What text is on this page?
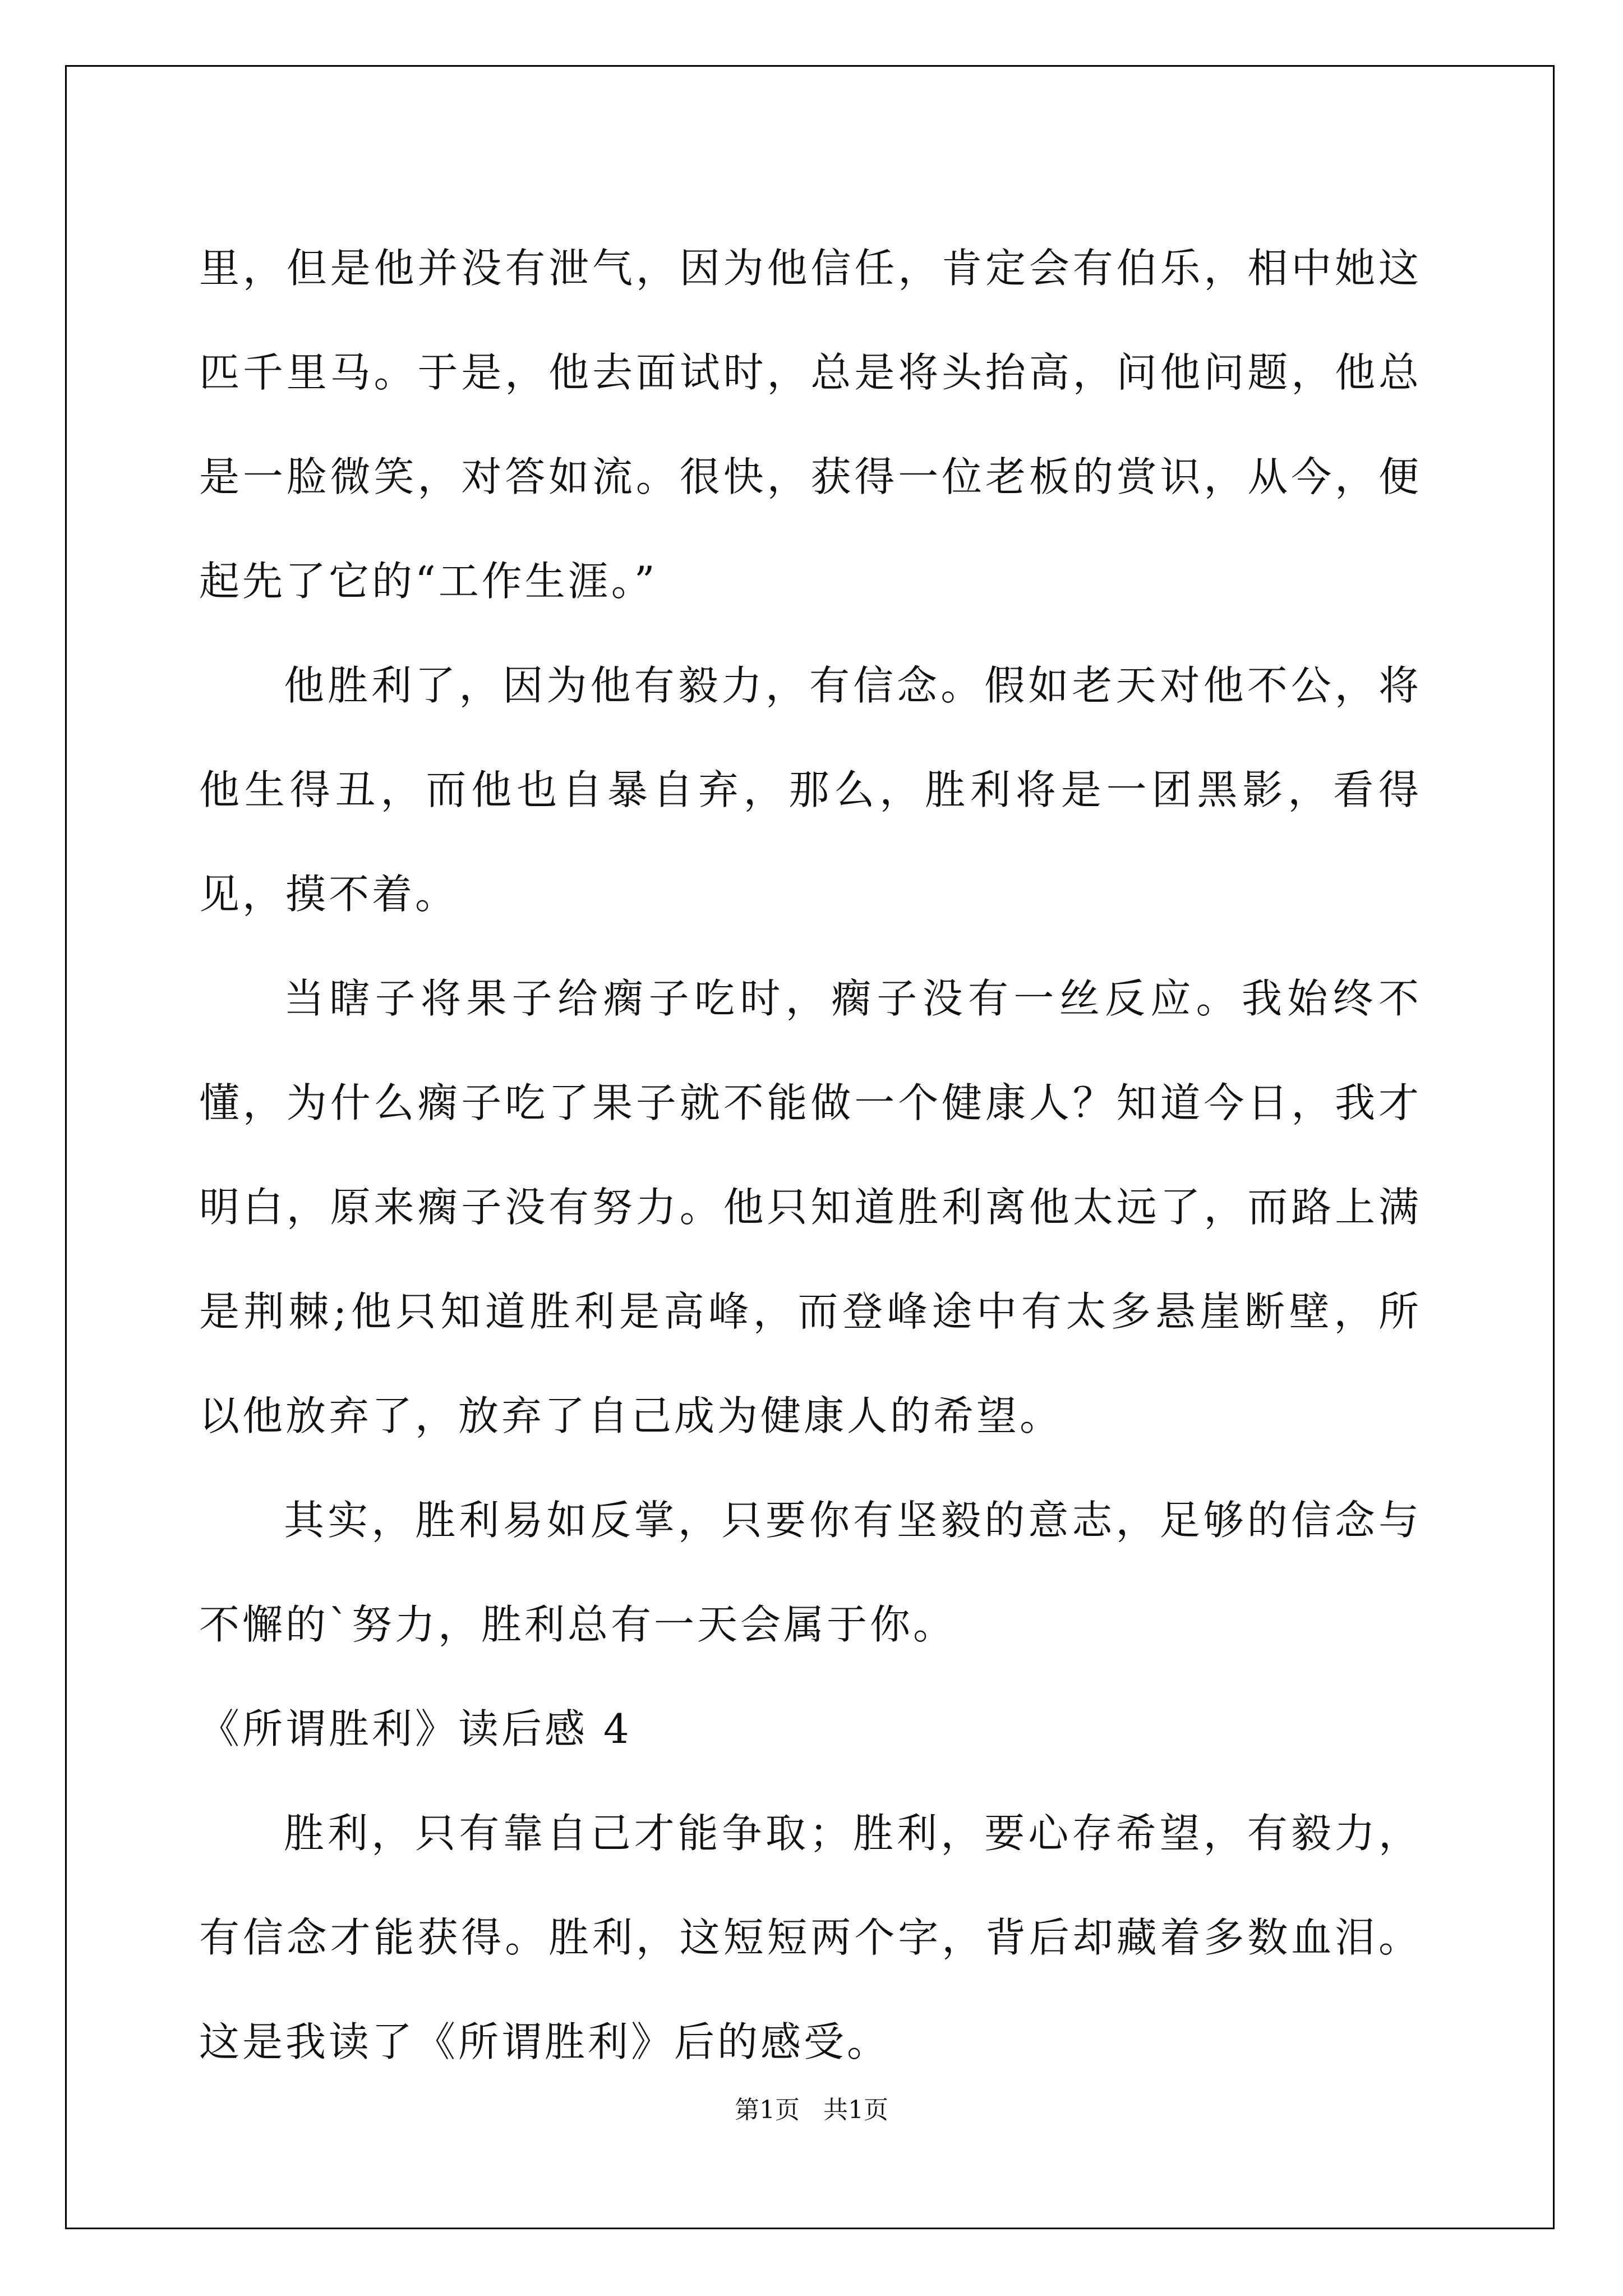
里，但是他并没有泄气，因为他信任，肯定会有伯乐，相中她这匹千里马。于是，他去面试时，总是将头抬高，问他问题，他总是一脸微笑，对答如流。很快，获得一位老板的赏识，从今，便起先了它的“工作生涯。”

他胜利了，因为他有毅力，有信念。假如老天对他不公，将他生得丑，而他也自暴自弃，那么，胜利将是一团黑影，看得见，摸不着。

当瞎子将果子给瘸子吃时，瘸子没有一丝反应。我始终不懂，为什么瘸子吃了果子就不能做一个健康人？知道今日，我才明白，原来瘸子没有努力。他只知道胜利离他太远了，而路上满是荆棘;他只知道胜利是高峰，而登峰途中有太多悬崖断壁，所以他放弃了，放弃了自己成为健康人的希望。

其实，胜利易如反掌，只要你有坚毅的意志，足够的信念与不懈的`努力，胜利总有一天会属于你。

《所谓胜利》读后感 4

胜利，只有靠自己才能争取；胜利，要心存希望，有毅力，有信念才能获得。胜利，这短短两个字，背后却藏着多数血泪。这是我读了《所谓胜利》后的感受。

第1页   共1页
